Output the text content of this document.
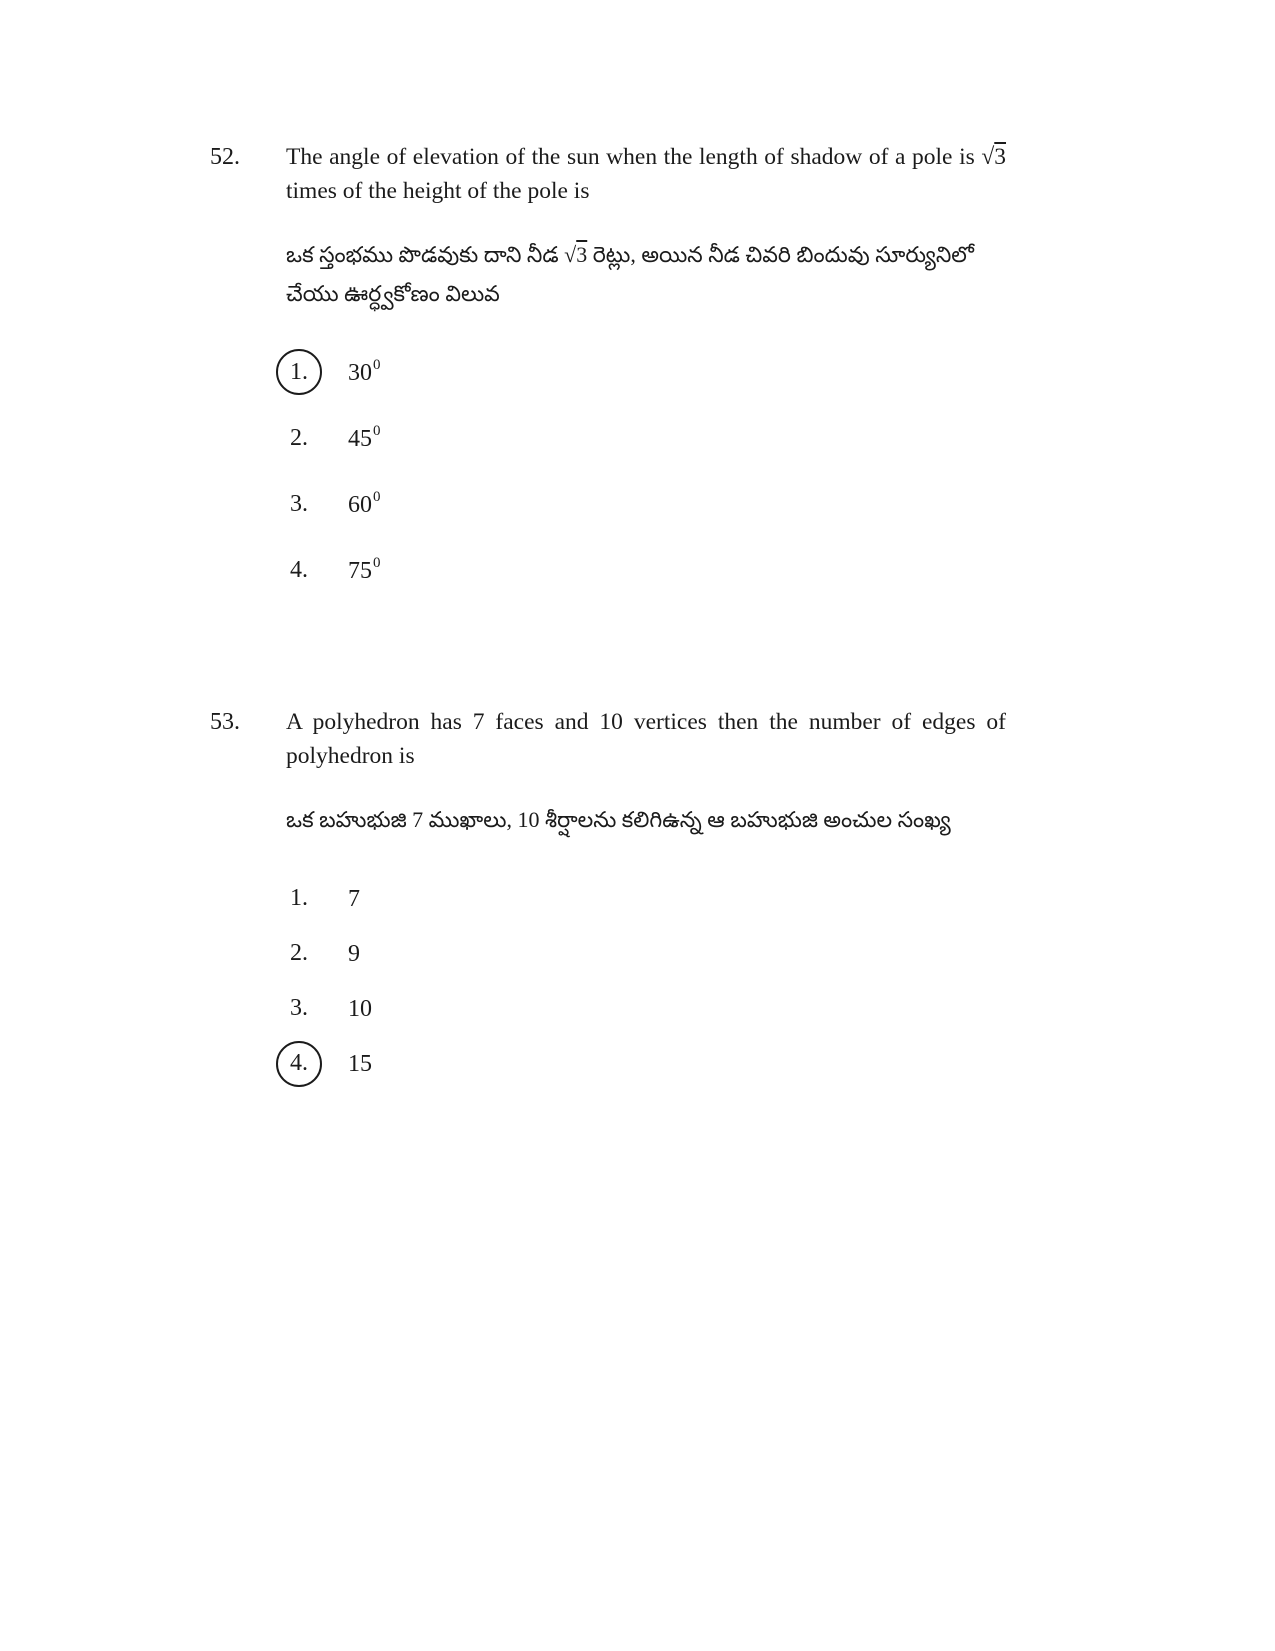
52.	The angle of elevation of the sun when the length of shadow of a pole is √3 times of the height of the pole is

ఒక స్తంభము పొడవుకు దాని నీడ √3 రెట్లు, అయిన నీడ చివరి బిందువు సూర్యునిలో చేయు ఊర్ధ్వకోణం విలువ

1.	$30^0$
2.	$45^0$
3.	$60^0$
4.	$75^0$
53.	A polyhedron has 7 faces and 10 vertices then the number of edges of polyhedron is

ఒక బహుభుజి 7 ముఖాలు, 10 శీర్షాలను కలిగిఉన్న ఆ బహుభుజి అంచుల సంఖ్య

1.	7
2.	9
3.	10
4.	15
